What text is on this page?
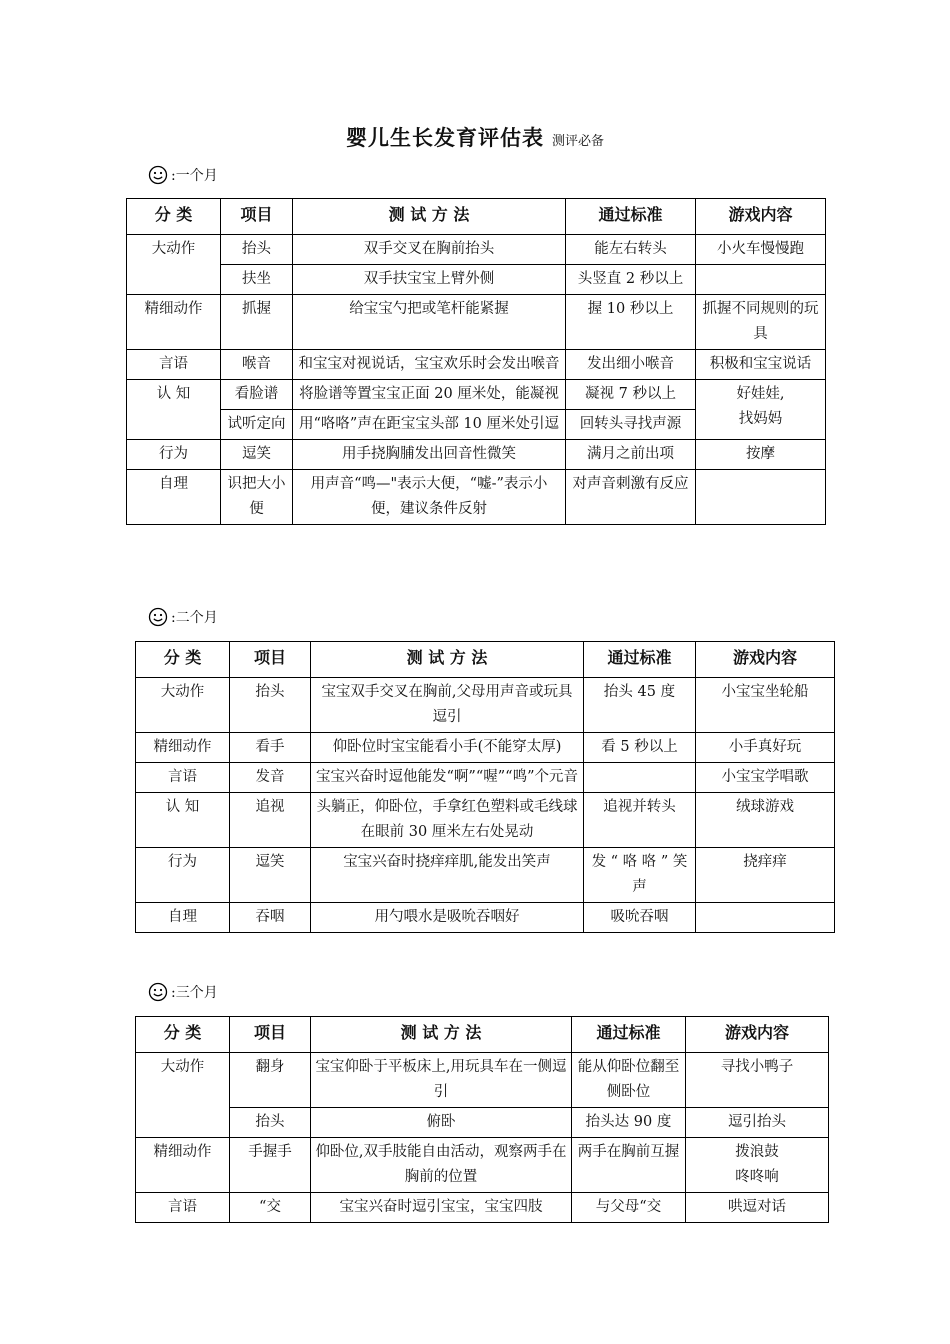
婴儿生长发育评估表 测评必备
:一个月
分 类	项目	测 试 方 法	通过标准	游戏内容
大动作	抬头	双手交叉在胸前抬头	能左右转头	小火车慢慢跑
	扶坐	双手扶宝宝上臂外侧	头竖直 2 秒以上	
精细动作	抓握	给宝宝勺把或笔杆能紧握	握 10 秒以上	抓握不同规则的玩具
言语	喉音	和宝宝对视说话，宝宝欢乐时会发出喉音	发出细小喉音	积极和宝宝说话
认 知	看脸谱	将脸谱等置宝宝正面 20 厘米处，能凝视	凝视 7 秒以上	好娃娃,
找妈妈
	试听定向	用“咯咯”声在距宝宝头部 10 厘米处引逗	回转头寻找声源	
行为	逗笑	用手挠胸脯发出回音性微笑	满月之前出项	按摩
自理	识把大小便	用声音“鸣—"表示大便，“嘘-”表示小便，建议条件反射	对声音刺激有反应	
:二个月
分 类	项目	测 试 方 法	通过标准	游戏内容
大动作	抬头	宝宝双手交叉在胸前,父母用声音或玩具逗引	抬头 45 度	小宝宝坐轮船
精细动作	看手	仰卧位时宝宝能看小手(不能穿太厚)	看 5 秒以上	小手真好玩
言语	发音	宝宝兴奋时逗他能发“啊”“喔”“鸣”个元音		小宝宝学唱歌
认 知	追视	头躺正，仰卧位，手拿红色塑料或毛线球在眼前 30 厘米左右处晃动	追视并转头	绒球游戏
行为	逗笑	宝宝兴奋时挠痒痒肌,能发出笑声	发 “ 咯 咯 ” 笑声	挠痒痒
自理	吞咽	用勺喂水是吸吮吞咽好	吸吮吞咽	
:三个月
分 类	项目	测 试 方 法	通过标准	游戏内容
大动作	翻身	宝宝仰卧于平板床上,用玩具车在一侧逗引	能从仰卧位翻至侧卧位	寻找小鸭子
	抬头	俯卧	抬头达 90 度	逗引抬头
精细动作	手握手	仰卧位,双手肢能自由活动，观察两手在胸前的位置	两手在胸前互握	拨浪鼓
咚咚响
言语	“交	宝宝兴奋时逗引宝宝，宝宝四肢	与父母“交	哄逗对话
